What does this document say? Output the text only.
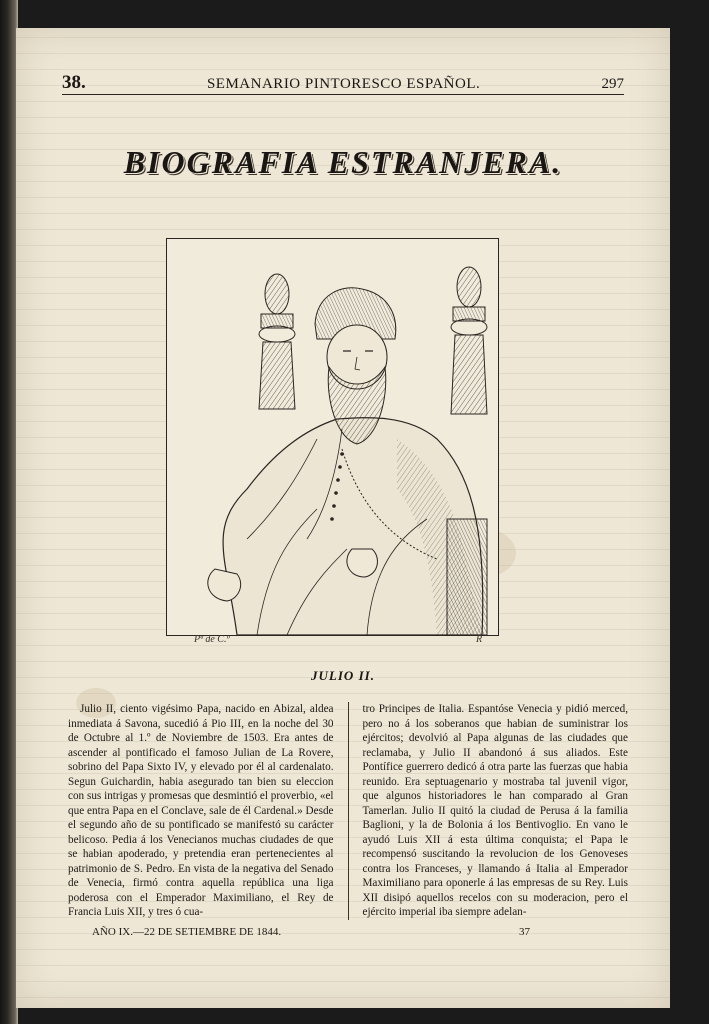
38.	SEMANARIO PINTORESCO ESPAÑOL.	297
BIOGRAFIA ESTRANJERA.
Pª de C.º	R
JULIO II.

Julio II, ciento vigésimo Papa, nacido en Abizal, aldea inmediata á Savona, sucedió á Pio III, en la noche del 30 de Octubre al 1.º de Noviembre de 1503. Era antes de ascender al pontificado el famoso Julian de La Rovere, sobrino del Papa Sixto IV, y elevado por él al cardenalato. Segun Guichardin, habia asegurado tan bien su eleccion con sus intrigas y promesas que desmintió el proverbio, «el que entra Papa en el Conclave, sale de él Cardenal.» Desde el segundo año de su pontificado se manifestó su carácter belicoso. Pedia á los Venecianos muchas ciudades de que se habian apoderado, y pretendia eran pertenecientes al patrimonio de S. Pedro. En vista de la negativa del Senado de Venecia, firmó contra aquella república una liga poderosa con el Emperador Maximiliano, el Rey de Francia Luis XII, y tres ó cua-

tro Principes de Italia. Espantóse Venecia y pidió merced, pero no á los soberanos que habian de suministrar los ejércitos; devolvió al Papa algunas de las ciudades que reclamaba, y Julio II abandonó á sus aliados. Este Pontífice guerrero dedicó á otra parte las fuerzas que habia reunido. Era septuagenario y mostraba tal juvenil vigor, que algunos historiadores le han comparado al Gran Tamerlan. Julio II quitó la ciudad de Perusa á la familia Baglioni, y la de Bolonia á los Bentivoglio. En vano le ayudó Luis XII á esta última conquista; el Papa le recompensó suscitando la revolucion de los Genoveses contra los Franceses, y llamando á Italia al Emperador Maximiliano para oponerle á las empresas de su Rey. Luis XII disipó aquellos recelos con su moderacion, pero el ejército imperial iba siempre adelan-

AÑO IX.—22 DE SETIEMBRE DE 1844.	37
